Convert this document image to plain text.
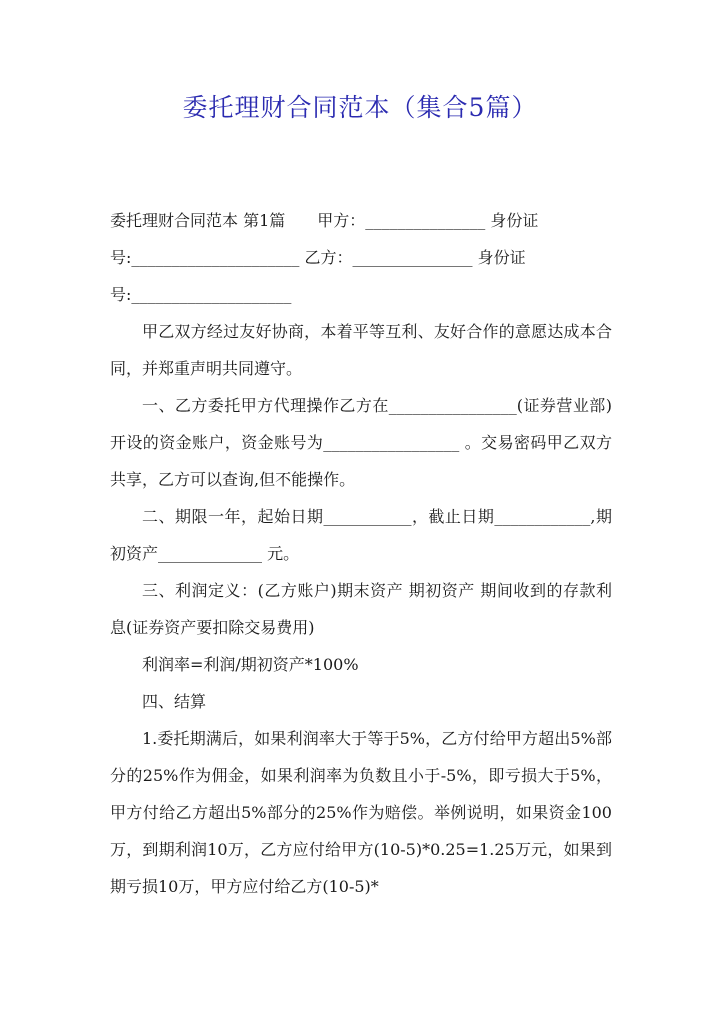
委托理财合同范本（集合5篇）

委托理财合同范本 第1篇　　甲方：_______________ 身份证

号:_____________________ 乙方：_______________ 身份证

号:____________________

甲乙双方经过友好协商，本着平等互利、友好合作的意愿达成本合同，并郑重声明共同遵守。

一、乙方委托甲方代理操作乙方在________________(证券营业部)开设的资金账户，资金账号为_________________ 。交易密码甲乙双方共享，乙方可以查询,但不能操作。

二、期限一年，起始日期___________，截止日期____________,期初资产_____________ 元。

三、利润定义：(乙方账户)期末资产 期初资产 期间收到的存款利息(证券资产要扣除交易费用)

利润率=利润/期初资产*100%

四、结算

1.委托期满后，如果利润率大于等于5%，乙方付给甲方超出5%部分的25%作为佣金，如果利润率为负数且小于-5%，即亏损大于5%，甲方付给乙方超出5%部分的25%作为赔偿。举例说明，如果资金100万，到期利润10万，乙方应付给甲方(10-5)*0.25=1.25万元，如果到期亏损10万，甲方应付给乙方(10-5)*
